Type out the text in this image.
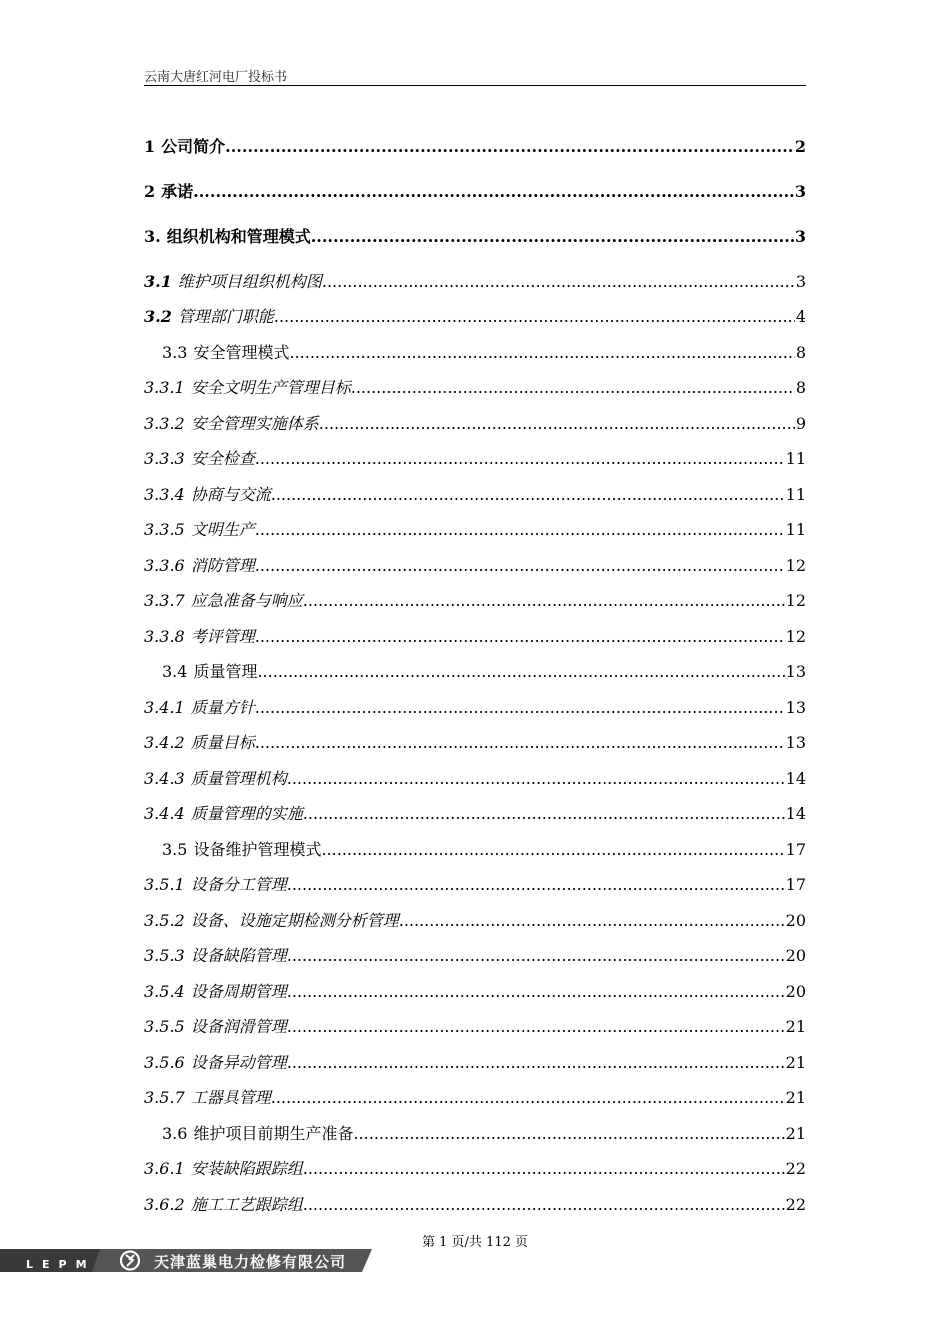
云南大唐红河电厂投标书
1 公司简介 .....	2
2 承诺 .....	3
3. 组织机构和管理模式 .....	3
3.1 维护项目组织机构图 .....	3
3.2 管理部门职能 .....	4
3.3 安全管理模式 .....	8
3.3.1 安全文明生产管理目标 .....	8
3.3.2 安全管理实施体系 .....	9
3.3.3 安全检查 .....	11
3.3.4 协商与交流 .....	11
3.3.5 文明生产 .....	11
3.3.6 消防管理 .....	12
3.3.7 应急准备与响应 .....	12
3.3.8 考评管理 .....	12
3.4 质量管理 .....	13
3.4.1 质量方针 .....	13
3.4.2 质量目标 .....	13
3.4.3 质量管理机构 .....	14
3.4.4 质量管理的实施 .....	14
3.5 设备维护管理模式 .....	17
3.5.1 设备分工管理 .....	17
3.5.2 设备、设施定期检测分析管理 .....	20
3.5.3 设备缺陷管理 .....	20
3.5.4 设备周期管理 .....	20
3.5.5 设备润滑管理 .....	21
3.5.6 设备异动管理 .....	21
3.5.7 工器具管理 .....	21
3.6 维护项目前期生产准备 .....	21
3.6.1 安装缺陷跟踪组 .....	22
3.6.2 施工工艺跟踪组 .....	22
第 1 页/共 112 页
LEPM	天津蓝巢电力检修有限公司
